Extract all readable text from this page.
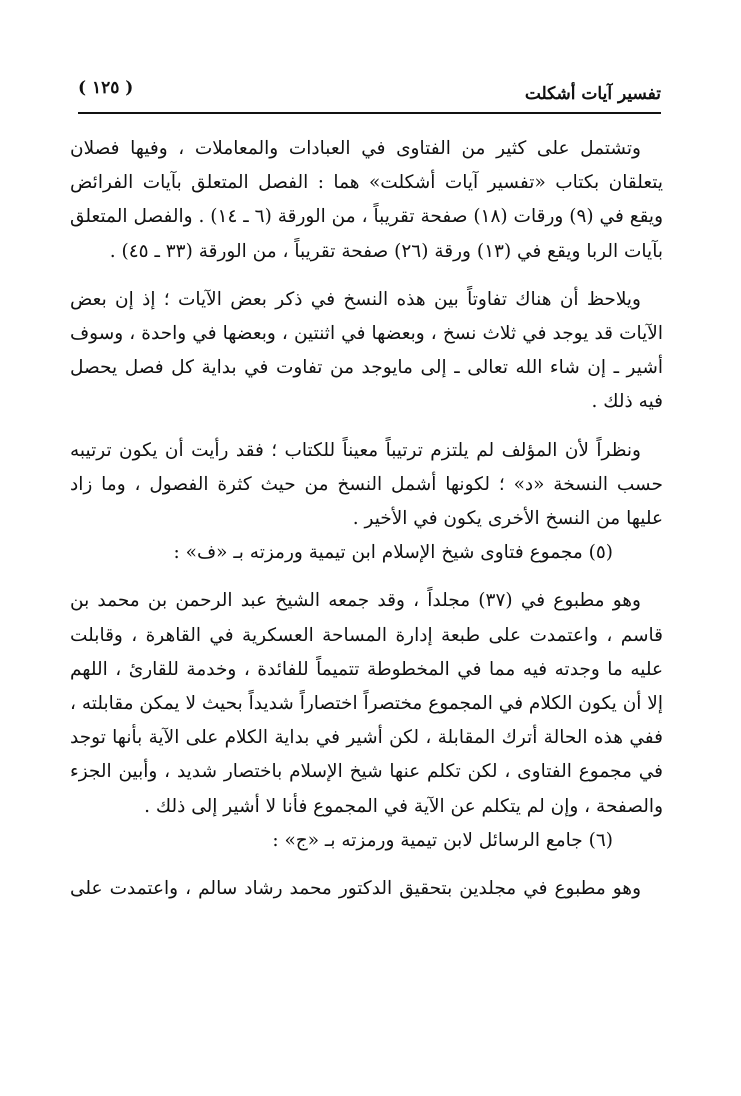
تفسير آيات أشكلت
( ١٢٥ )

وتشتمل على كثير من الفتاوى في العبادات والمعاملات ، وفيها فصلان يتعلقان بكتاب «تفسير آيات أشكلت» هما : الفصل المتعلق بآيات الفرائض ويقع في (٩) ورقات (١٨) صفحة تقريباً ، من الورقة (٦ ـ ١٤) . والفصل المتعلق بآيات الربا ويقع في (١٣) ورقة (٢٦) صفحة تقريباً ، من الورقة (٣٣ ـ ٤٥) .

ويلاحظ أن هناك تفاوتاً بين هذه النسخ في ذكر بعض الآيات ؛ إذ إن بعض الآيات قد يوجد في ثلاث نسخ ، وبعضها في اثنتين ، وبعضها في واحدة ، وسوف أشير ـ إن شاء الله تعالى ـ إلى مايوجد من تفاوت في بداية كل فصل يحصل فيه ذلك .

ونظراً لأن المؤلف لم يلتزم ترتيباً معيناً للكتاب ؛ فقد رأيت أن يكون ترتيبه حسب النسخة «د» ؛ لكونها أشمل النسخ من حيث كثرة الفصول ، وما زاد عليها من النسخ الأخرى يكون في الأخير .

(٥) مجموع فتاوى شيخ الإسلام ابن تيمية ورمزته بـ «ف» :

وهو مطبوع في (٣٧) مجلداً ، وقد جمعه الشيخ عبد الرحمن بن محمد بن قاسم ، واعتمدت على طبعة إدارة المساحة العسكرية في القاهرة ، وقابلت عليه ما وجدته فيه مما في المخطوطة تتميماً للفائدة ، وخدمة للقارئ ، اللهم إلا أن يكون الكلام في المجموع مختصراً اختصاراً شديداً بحيث لا يمكن مقابلته ، ففي هذه الحالة أترك المقابلة ، لكن أشير في بداية الكلام على الآية بأنها توجد في مجموع الفتاوى ، لكن تكلم عنها شيخ الإسلام باختصار شديد ، وأبين الجزء والصفحة ، وإن لم يتكلم عن الآية في المجموع فأنا لا أشير إلى ذلك .

(٦) جامع الرسائل لابن تيمية ورمزته بـ «ج» :

وهو مطبوع في مجلدين بتحقيق الدكتور محمد رشاد سالم ، واعتمدت على
